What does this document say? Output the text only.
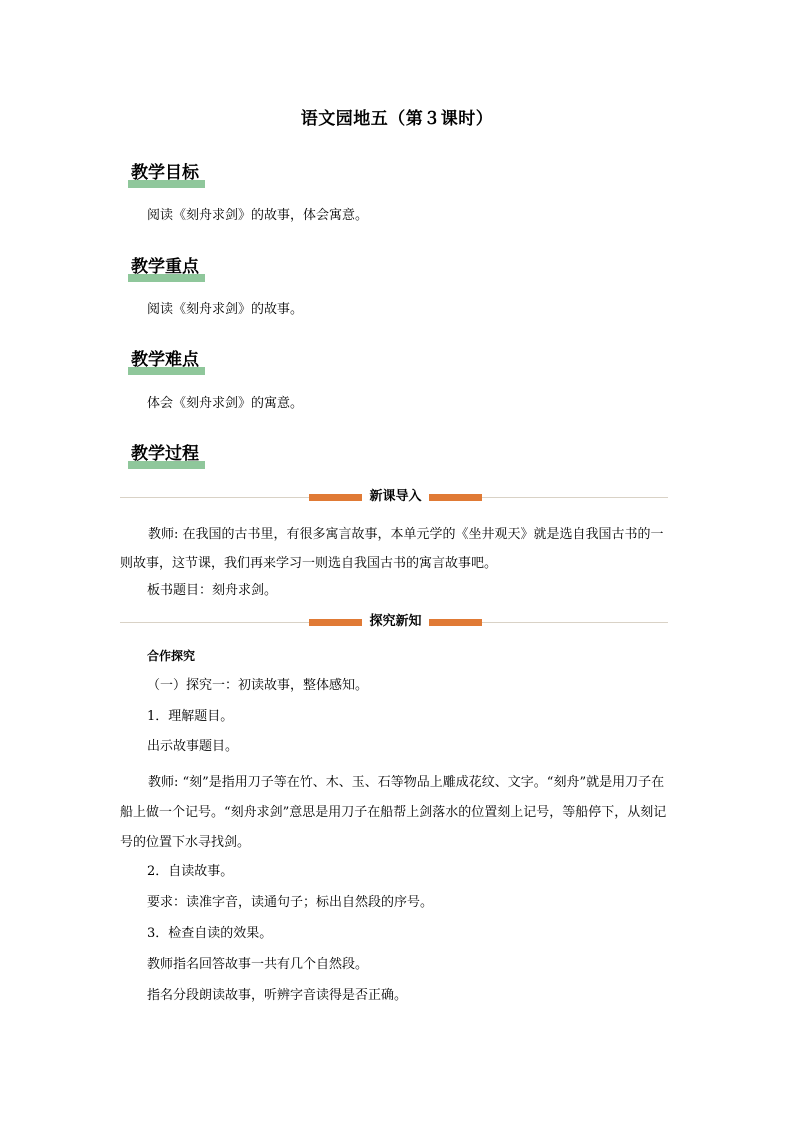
语文园地五（第３课时）
教学目标
阅读《刻舟求剑》的故事，体会寓意。
教学重点
阅读《刻舟求剑》的故事。
教学难点
体会《刻舟求剑》的寓意。
教学过程
新课导入
教师: 在我国的古书里，有很多寓言故事，本单元学的《坐井观天》就是选自我国古书的一则故事，这节课，我们再来学习一则选自我国古书的寓言故事吧。
板书题目：刻舟求剑。
探究新知
合作探究
（一）探究一：初读故事，整体感知。
1．理解题目。
出示故事题目。
教师: “刻”是指用刀子等在竹、木、玉、石等物品上雕成花纹、文字。“刻舟”就是用刀子在船上做一个记号。“刻舟求剑”意思是用刀子在船帮上剑落水的位置刻上记号，等船停下，从刻记号的位置下水寻找剑。
2．自读故事。
要求：读准字音，读通句子；标出自然段的序号。
3．检查自读的效果。
教师指名回答故事一共有几个自然段。
指名分段朗读故事，听辨字音读得是否正确。
